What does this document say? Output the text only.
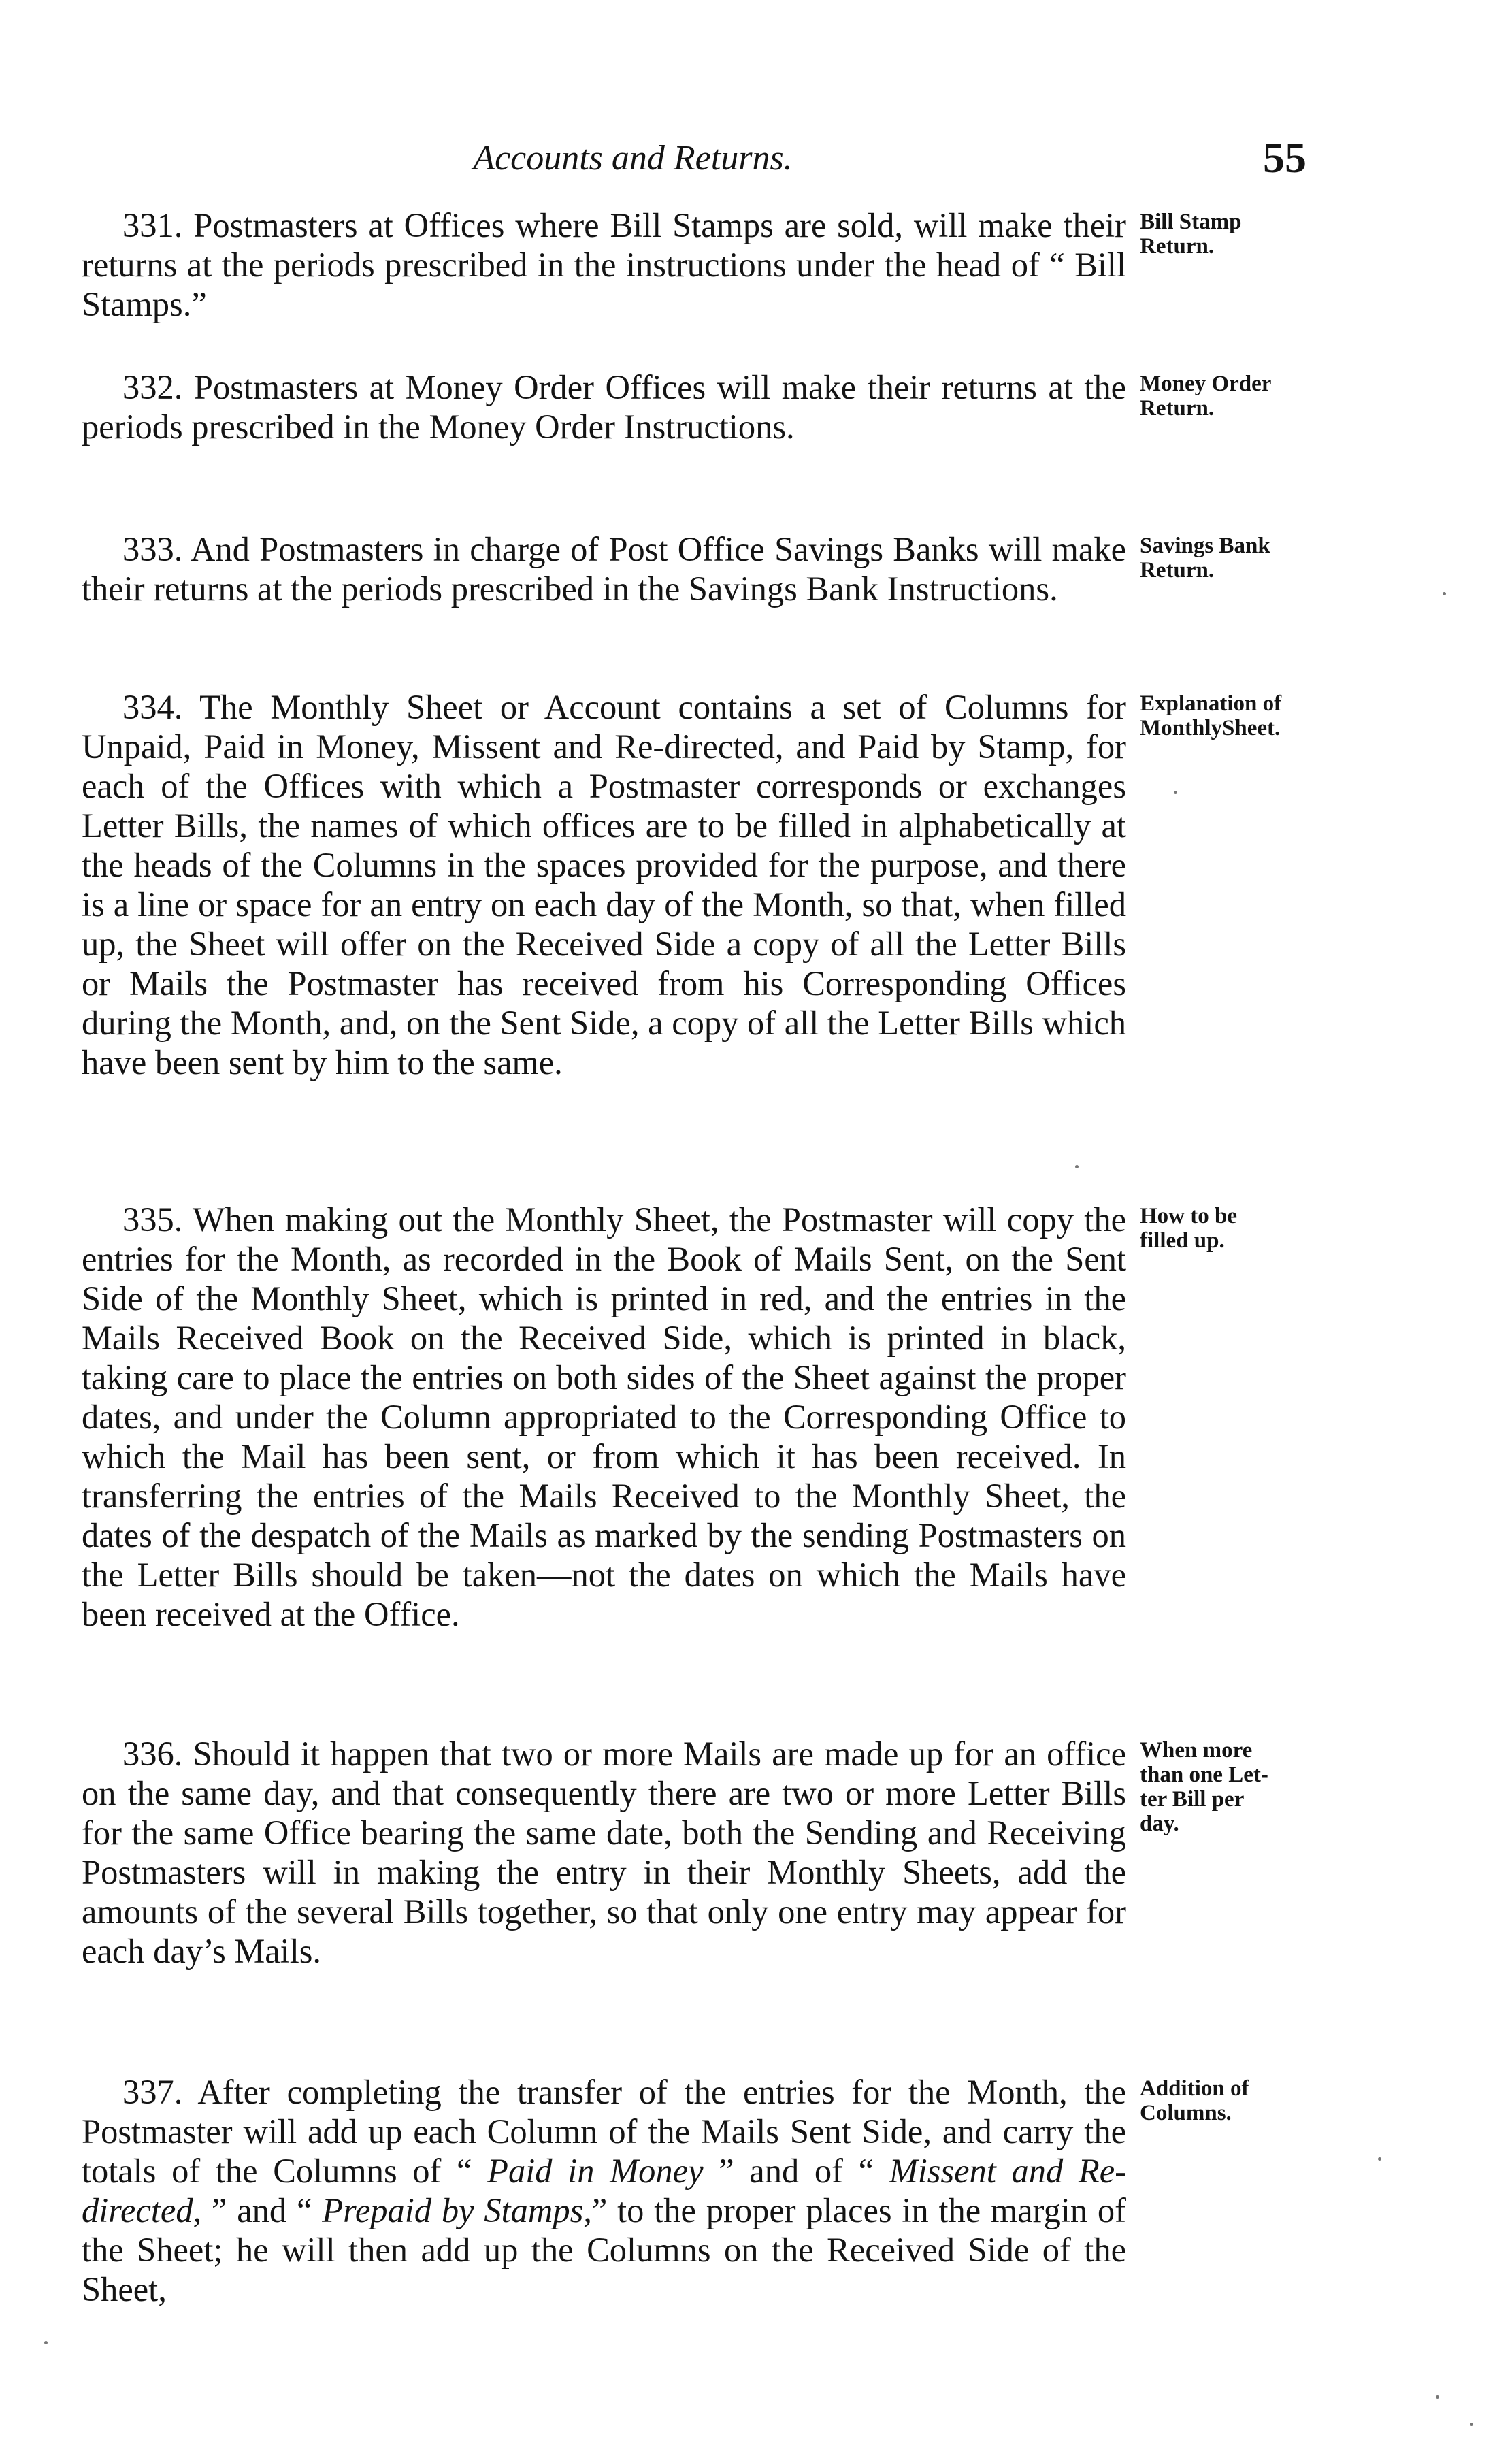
Accounts and Returns.	55

331. Postmasters at Offices where Bill Stamps are sold, will make their returns at the periods prescribed in the instructions under the head of “ Bill Stamps.”

Bill Stamp
Return.

332. Postmasters at Money Order Offices will make their returns at the periods prescribed in the Money Order Instructions.

Money Order
Return.

333. And Postmasters in charge of Post Office Savings Banks will make their returns at the periods prescribed in the Savings Bank Instructions.

Savings Bank
Return.

334. The Monthly Sheet or Account contains a set of Columns for Unpaid, Paid in Money, Missent and Re-directed, and Paid by Stamp, for each of the Offices with which a Postmaster corresponds or exchanges Letter Bills, the names of which offices are to be filled in alphabetically at the heads of the Columns in the spaces provided for the purpose, and there is a line or space for an entry on each day of the Month, so that, when filled up, the Sheet will offer on the Received Side a copy of all the Letter Bills or Mails the Postmaster has received from his Corresponding Offices during the Month, and, on the Sent Side, a copy of all the Letter Bills which have been sent by him to the same.

Explanation of
MonthlySheet.

335. When making out the Monthly Sheet, the Postmaster will copy the entries for the Month, as recorded in the Book of Mails Sent, on the Sent Side of the Monthly Sheet, which is printed in red, and the entries in the Mails Received Book on the Received Side, which is printed in black, taking care to place the entries on both sides of the Sheet against the proper dates, and under the Column appropriated to the Corresponding Office to which the Mail has been sent, or from which it has been received. In transferring the entries of the Mails Received to the Monthly Sheet, the dates of the despatch of the Mails as marked by the sending Postmasters on the Letter Bills should be taken—not the dates on which the Mails have been received at the Office.

How to be
filled up.

336. Should it happen that two or more Mails are made up for an office on the same day, and that consequently there are two or more Letter Bills for the same Office bearing the same date, both the Sending and Receiving Postmasters will in making the entry in their Monthly Sheets, add the amounts of the several Bills together, so that only one entry may appear for each day’s Mails.

When more
than one Let-
ter Bill per
day.

337. After completing the transfer of the entries for the Month, the Postmaster will add up each Column of the Mails Sent Side, and carry the totals of the Columns of “ Paid in Money ” and of “ Missent and Re-directed, ” and “ Prepaid by Stamps,” to the proper places in the margin of the Sheet; he will then add up the Columns on the Received Side of the Sheet,

Addition of
Columns.
